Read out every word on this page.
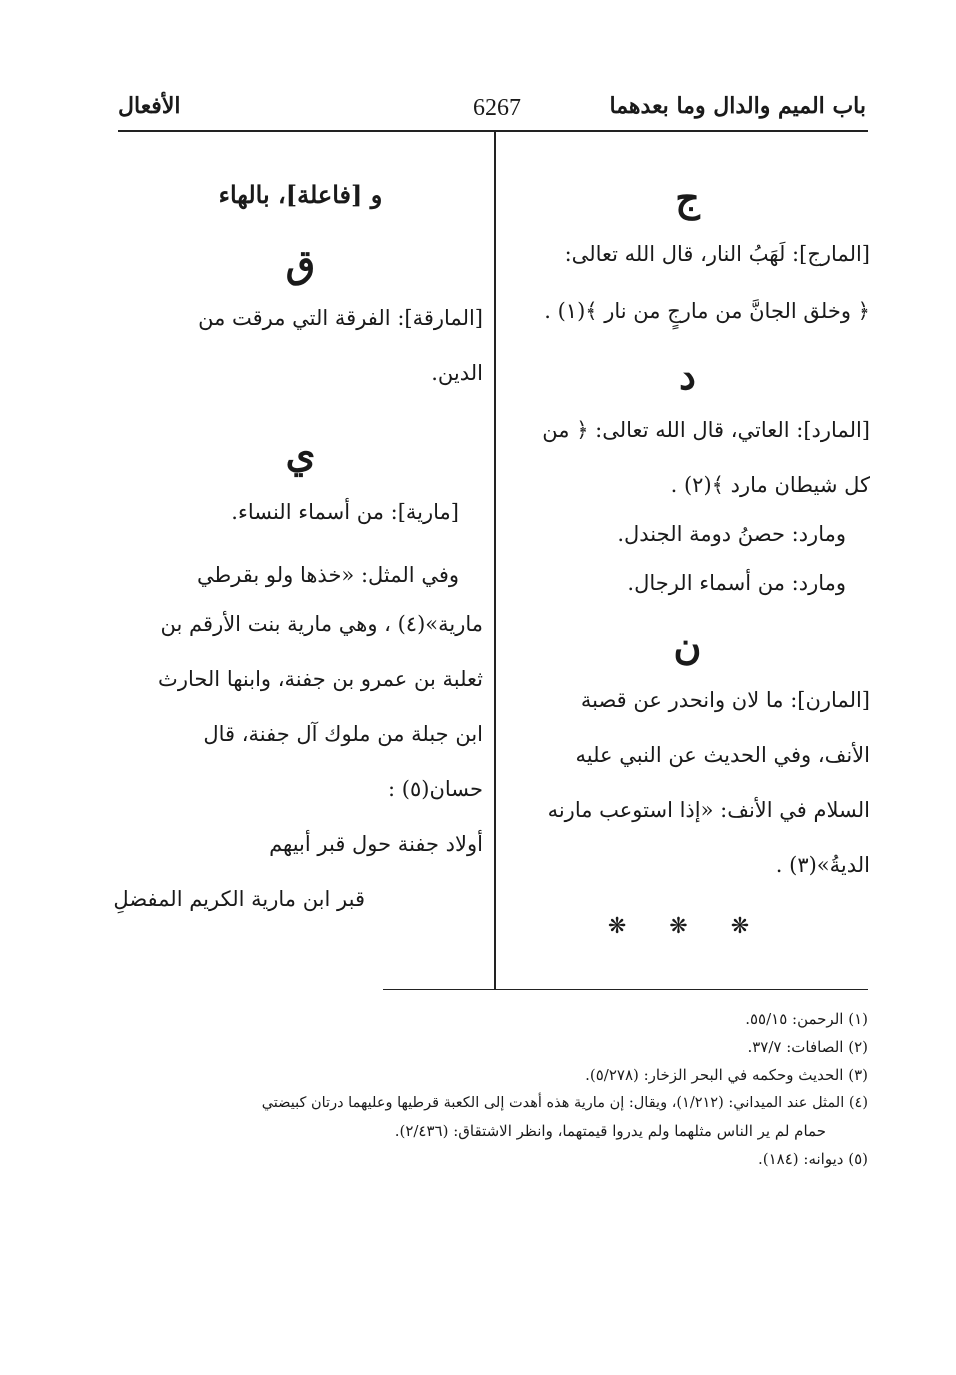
باب الميم والدال وما بعدهما
6267
الأفعال

ج

[المارج]: لَهَبُ النار، قال الله تعالى:

﴿ وخلق الجانَّ من مارجٍ من نار ﴾(١) .

د

[المارد]: العاتي، قال الله تعالى: ﴿ من

كل شيطان مارد ﴾(٢) .

ومارد: حصنُ دومة الجندل.

ومارد: من أسماء الرجال.

ن

[المارن]: ما لان وانحدر عن قصبة

الأنف، وفي الحديث عن النبي عليه

السلام في الأنف: «إذا استوعب مارنه

الديةُ»(٣) .

❋ ❋ ❋

و [فاعلة]، بالهاء

ق

[المارقة]: الفرقة التي مرقت من

الدين.

ي

[مارية]: من أسماء النساء.

وفي المثل: «خذها ولو بقرطي

مارية»(٤) ، وهي مارية بنت الأرقم بن

ثعلبة بن عمرو بن جفنة، وابنها الحارث

ابن جبلة من ملوك آل جفنة، قال

حسان(٥) :

أولاد جفنة حول قبر أبيهم

قبر ابن مارية الكريم المفضلِ

(١) الرحمن: ٥٥/١٥.

(٢) الصافات: ٣٧/٧.

(٣) الحديث وحكمه في البحر الزخار: (٥/٢٧٨).

(٤) المثل عند الميداني: (١/٢١٢)، ويقال: إن مارية هذه أهدت إلى الكعبة قرطيها وعليهما درتان كبيضتي

حمام لم ير الناس مثلهما ولم يدروا قيمتهما، وانظر الاشتقاق: (٢/٤٣٦).

(٥) ديوانه: (١٨٤).
